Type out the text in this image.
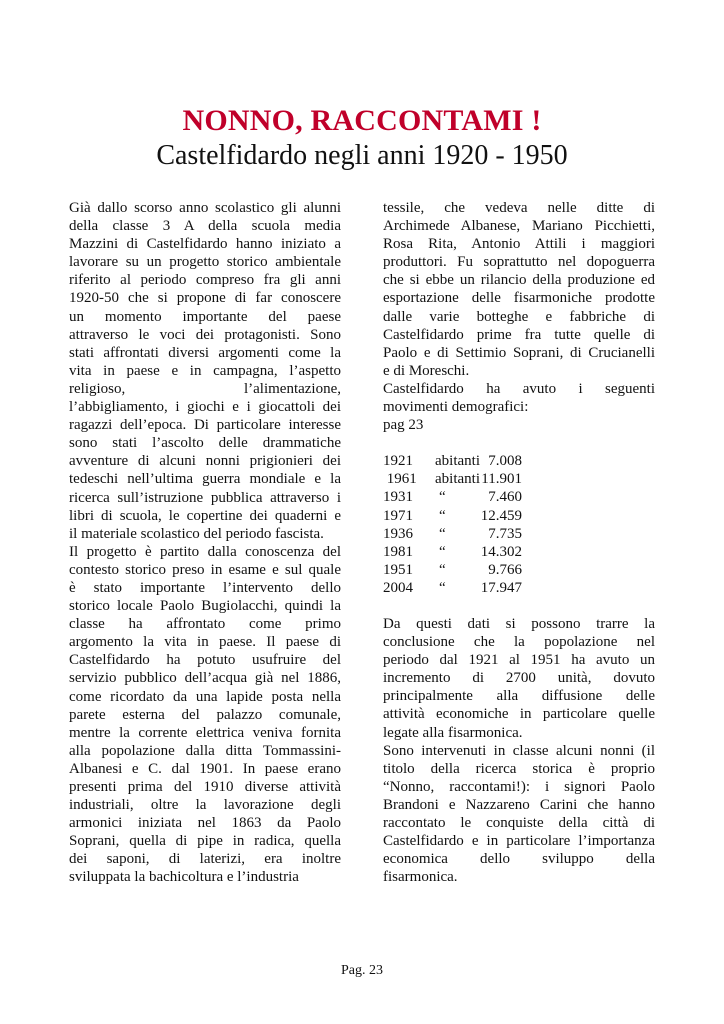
NONNO, RACCONTAMI !
Castelfidardo negli anni 1920 - 1950

Già dallo scorso anno scolastico gli alunni

della classe 3 A della scuola media

Mazzini di Castelfidardo hanno iniziato a

lavorare su un progetto storico ambientale

riferito al periodo compreso fra gli anni

1920-50 che si propone di far conoscere

un momento importante del paese

attraverso le voci dei protagonisti. Sono

stati affrontati diversi argomenti come la

vita in paese e in campagna, l’aspetto

religioso, l’alimentazione,

l’abbigliamento, i giochi e i giocattoli dei

ragazzi dell’epoca. Di particolare interesse

sono stati l’ascolto delle drammatiche

avventure di alcuni nonni prigionieri dei

tedeschi nell’ultima guerra mondiale e la

ricerca sull’istruzione pubblica attraverso i

libri di scuola, le copertine dei quaderni e

il materiale scolastico del periodo fascista.

Il progetto è partito dalla conoscenza del

contesto storico preso in esame e sul quale

è stato importante l’intervento dello

storico locale Paolo Bugiolacchi, quindi la

classe ha affrontato come primo

argomento la vita in paese. Il paese di

Castelfidardo ha potuto usufruire del

servizio pubblico dell’acqua già nel 1886,

come ricordato da una lapide posta nella

parete esterna del palazzo comunale,

mentre la corrente elettrica veniva fornita

alla popolazione dalla ditta Tommassini-

Albanesi e C. dal 1901. In paese erano

presenti prima del 1910 diverse attività

industriali, oltre la lavorazione degli

armonici iniziata nel 1863 da Paolo

Soprani, quella di pipe in radica, quella

dei saponi, di laterizi, era inoltre

sviluppata la bachicoltura e l’industria

tessile, che vedeva nelle ditte di

Archimede Albanese, Mariano Picchietti,

Rosa Rita, Antonio Attili i maggiori

produttori. Fu soprattutto nel dopoguerra

che si ebbe un rilancio della produzione ed

esportazione delle fisarmoniche prodotte

dalle varie botteghe e fabbriche di

Castelfidardo prime fra tutte quelle di

Paolo e di Settimio Soprani, di Crucianelli

e di Moreschi.

Castelfidardo ha avuto i seguenti

movimenti demografici:

pag 23

1921 abitanti 7.008
1961 abitanti 11.901
1931 “	7.460
1971 “	12.459
1936 “	7.735
1981 “	14.302
1951 “	9.766
2004 “	17.947

Da questi dati si possono trarre la

conclusione che la popolazione nel

periodo dal 1921 al 1951 ha avuto un

incremento di 2700 unità, dovuto

principalmente alla diffusione delle

attività economiche in particolare quelle

legate alla fisarmonica.

Sono intervenuti in classe alcuni nonni (il

titolo della ricerca storica è proprio

“Nonno, raccontami!): i signori Paolo

Brandoni e Nazzareno Carini che hanno

raccontato le conquiste della città di

Castelfidardo e in particolare l’importanza

economica dello sviluppo della

fisarmonica.

Pag. 23
